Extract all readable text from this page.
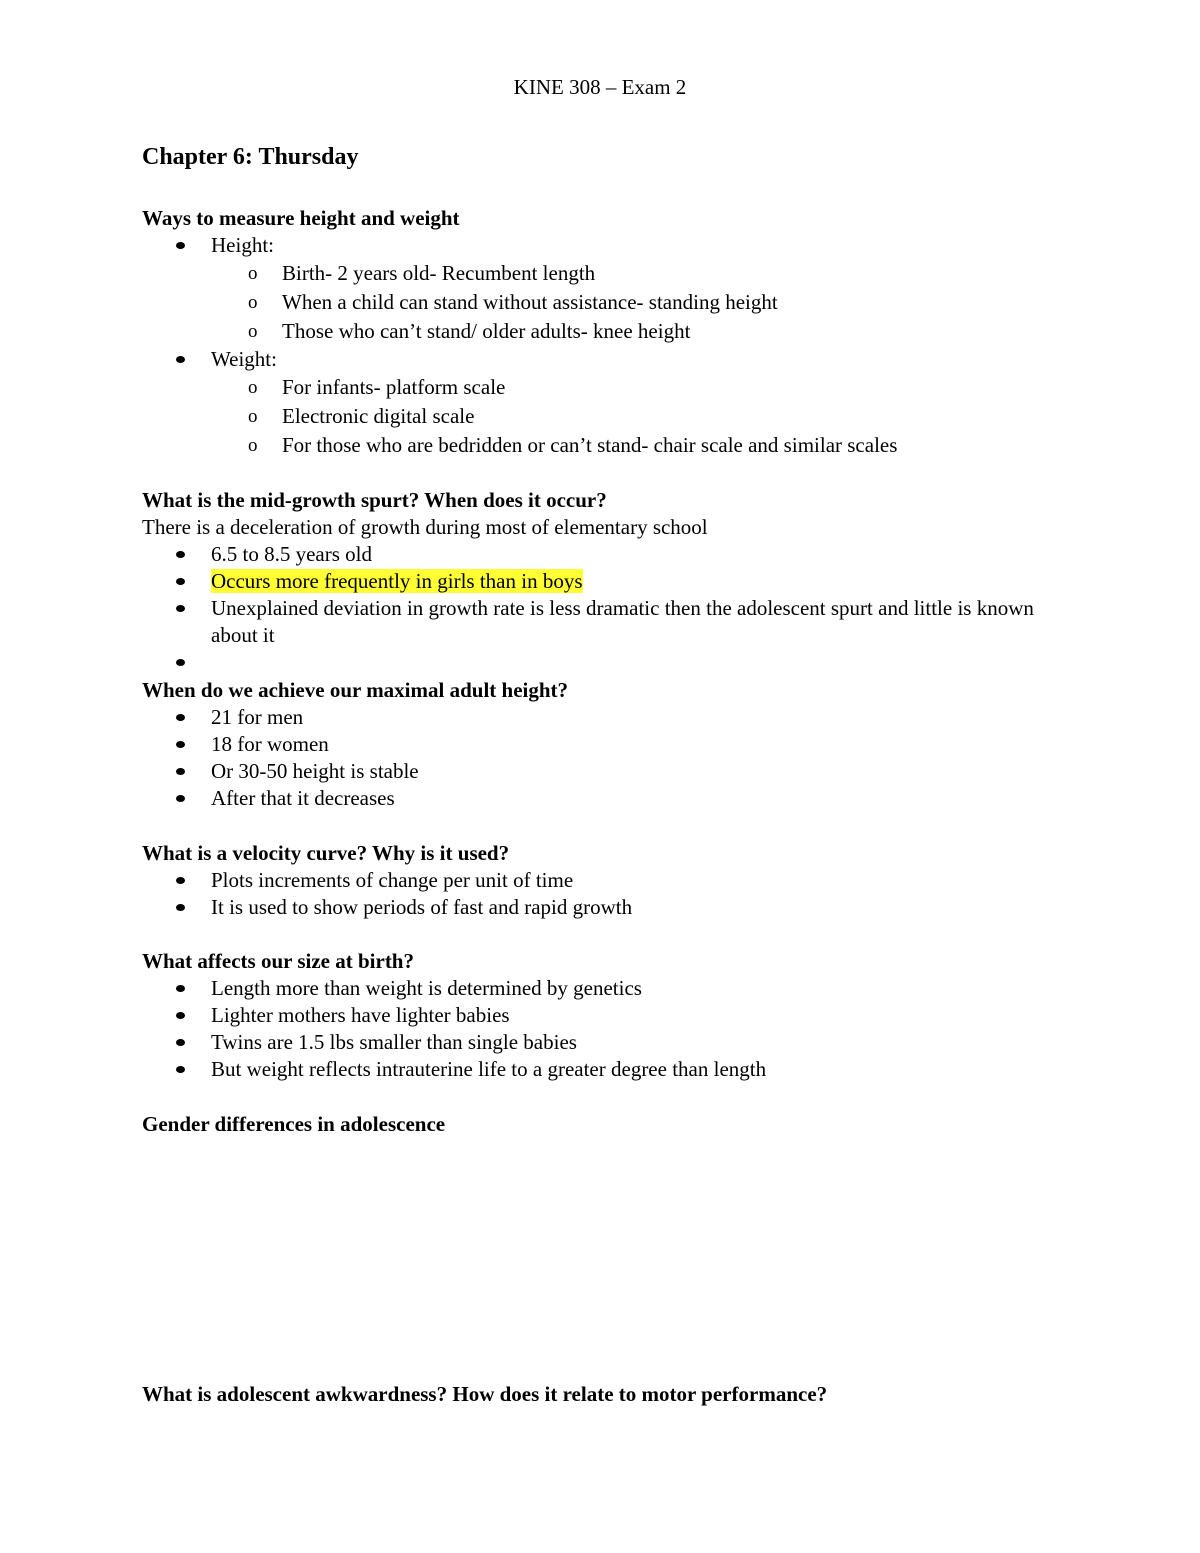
KINE 308 – Exam 2
Chapter 6: Thursday

Ways to measure height and weight

Height:
o Birth- 2 years old- Recumbent length
o When a child can stand without assistance- standing height
o Those who can’t stand/ older adults- knee height
Weight:
o For infants- platform scale
o Electronic digital scale
o For those who are bedridden or can’t stand- chair scale and similar scales

What is the mid-growth spurt? When does it occur?

There is a deceleration of growth during most of elementary school

6.5 to 8.5 years old
Occurs more frequently in girls than in boys
Unexplained deviation in growth rate is less dramatic then the adolescent spurt and little is known about it

When do we achieve our maximal adult height?

21 for men
18 for women
Or 30-50 height is stable
After that it decreases

What is a velocity curve? Why is it used?

Plots increments of change per unit of time
It is used to show periods of fast and rapid growth

What affects our size at birth?

Length more than weight is determined by genetics
Lighter mothers have lighter babies
Twins are 1.5 lbs smaller than single babies
But weight reflects intrauterine life to a greater degree than length

Gender differences in adolescence

What is adolescent awkwardness? How does it relate to motor performance?
